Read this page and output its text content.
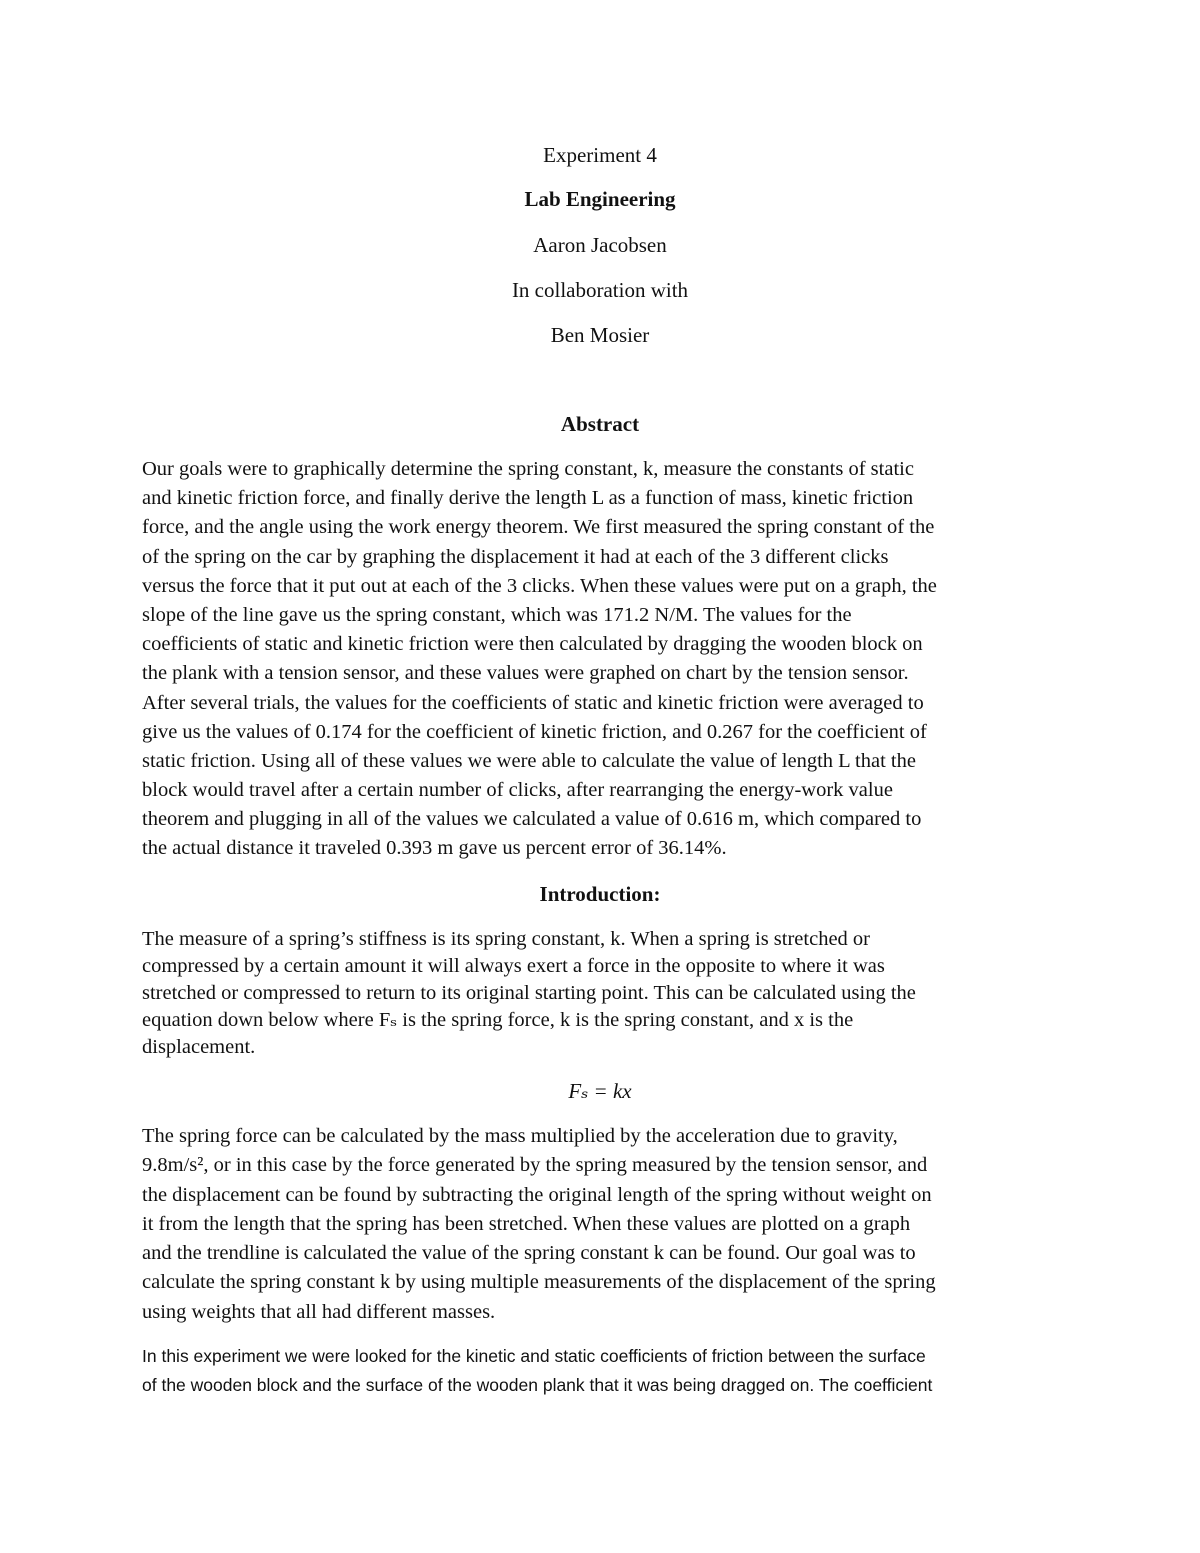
Experiment 4
Lab Engineering
Aaron Jacobsen
In collaboration with
Ben Mosier
Abstract
Our goals were to graphically determine the spring constant, k, measure the constants of static
and kinetic friction force, and finally derive the length L as a function of mass, kinetic friction
force, and the angle using the work energy theorem. We first measured the spring constant of the
of the spring on the car by graphing the displacement it had at each of the 3 different clicks
versus the force that it put out at each of the 3 clicks. When these values were put on a graph, the
slope of the line gave us the spring constant, which was 171.2 N/M. The values for the
coefficients of static and kinetic friction were then calculated by dragging the wooden block on
the plank with a tension sensor, and these values were graphed on chart by the tension sensor.
After several trials, the values for the coefficients of static and kinetic friction were averaged to
give us the values of 0.174 for the coefficient of kinetic friction, and 0.267 for the coefficient of
static friction. Using all of these values we were able to calculate the value of length L that the
block would travel after a certain number of clicks, after rearranging the energy-work value
theorem and plugging in all of the values we calculated a value of 0.616 m, which compared to
the actual distance it traveled 0.393 m gave us percent error of 36.14%.
Introduction:
The measure of a spring’s stiffness is its spring constant, k. When a spring is stretched or
compressed by a certain amount it will always exert a force in the opposite to where it was
stretched or compressed to return to its original starting point. This can be calculated using the
equation down below where Fₛ is the spring force, k is the spring constant, and x is the
displacement.
Fₛ = kx
The spring force can be calculated by the mass multiplied by the acceleration due to gravity,
9.8m/s², or in this case by the force generated by the spring measured by the tension sensor, and
the displacement can be found by subtracting the original length of the spring without weight on
it from the length that the spring has been stretched. When these values are plotted on a graph
and the trendline is calculated the value of the spring constant k can be found. Our goal was to
calculate the spring constant k by using multiple measurements of the displacement of the spring
using weights that all had different masses.
In this experiment we were looked for the kinetic and static coefficients of friction between the surface
of the wooden block and the surface of the wooden plank that it was being dragged on. The coefficient
